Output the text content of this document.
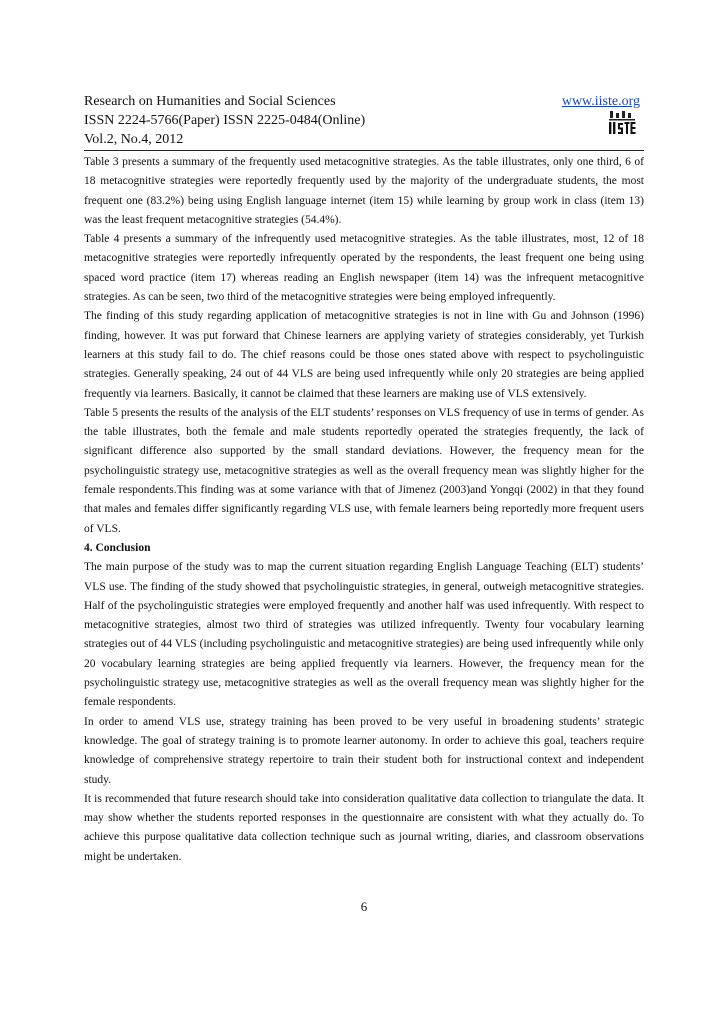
Research on Humanities and Social Sciences
ISSN 2224-5766(Paper) ISSN 2225-0484(Online)
Vol.2, No.4, 2012
www.iiste.org

Table 3 presents a summary of the frequently used metacognitive strategies. As the table illustrates, only one third, 6 of 18 metacognitive strategies were reportedly frequently used by the majority of the undergraduate students, the most frequent one (83.2%) being using English language internet (item 15) while learning by group work in class (item 13) was the least frequent metacognitive strategies (54.4%).

Table 4 presents a summary of the infrequently used metacognitive strategies. As the table illustrates, most, 12 of 18 metacognitive strategies were reportedly infrequently operated by the respondents, the least frequent one being using spaced word practice (item 17) whereas reading an English newspaper (item 14) was the infrequent metacognitive strategies. As can be seen, two third of the metacognitive strategies were being employed infrequently.

The finding of this study regarding application of metacognitive strategies is not in line with Gu and Johnson (1996) finding, however. It was put forward that Chinese learners are applying variety of strategies considerably, yet Turkish learners at this study fail to do. The chief reasons could be those ones stated above with respect to psycholinguistic strategies. Generally speaking, 24 out of 44 VLS are being used infrequently while only 20 strategies are being applied frequently via learners. Basically, it cannot be claimed that these learners are making use of VLS extensively.

Table 5 presents the results of the analysis of the ELT students’ responses on VLS frequency of use in terms of gender. As the table illustrates, both the female and male students reportedly operated the strategies frequently, the lack of significant difference also supported by the small standard deviations. However, the frequency mean for the psycholinguistic strategy use, metacognitive strategies as well as the overall frequency mean was slightly higher for the female respondents.This finding was at some variance with that of Jimenez (2003)and Yongqi (2002) in that they found that males and females differ significantly regarding VLS use, with female learners being reportedly more frequent users of VLS.

4. Conclusion

The main purpose of the study was to map the current situation regarding English Language Teaching (ELT) students’ VLS use. The finding of the study showed that psycholinguistic strategies, in general, outweigh metacognitive strategies. Half of the psycholinguistic strategies were employed frequently and another half was used infrequently. With respect to metacognitive strategies, almost two third of strategies was utilized infrequently. Twenty four vocabulary learning strategies out of 44 VLS (including psycholinguistic and metacognitive strategies) are being used infrequently while only 20 vocabulary learning strategies are being applied frequently via learners. However, the frequency mean for the psycholinguistic strategy use, metacognitive strategies as well as the overall frequency mean was slightly higher for the female respondents.

In order to amend VLS use, strategy training has been proved to be very useful in broadening students’ strategic knowledge. The goal of strategy training is to promote learner autonomy. In order to achieve this goal, teachers require knowledge of comprehensive strategy repertoire to train their student both for instructional context and independent study.

It is recommended that future research should take into consideration qualitative data collection to triangulate the data. It may show whether the students reported responses in the questionnaire are consistent with what they actually do. To achieve this purpose qualitative data collection technique such as journal writing, diaries, and classroom observations might be undertaken.

6
